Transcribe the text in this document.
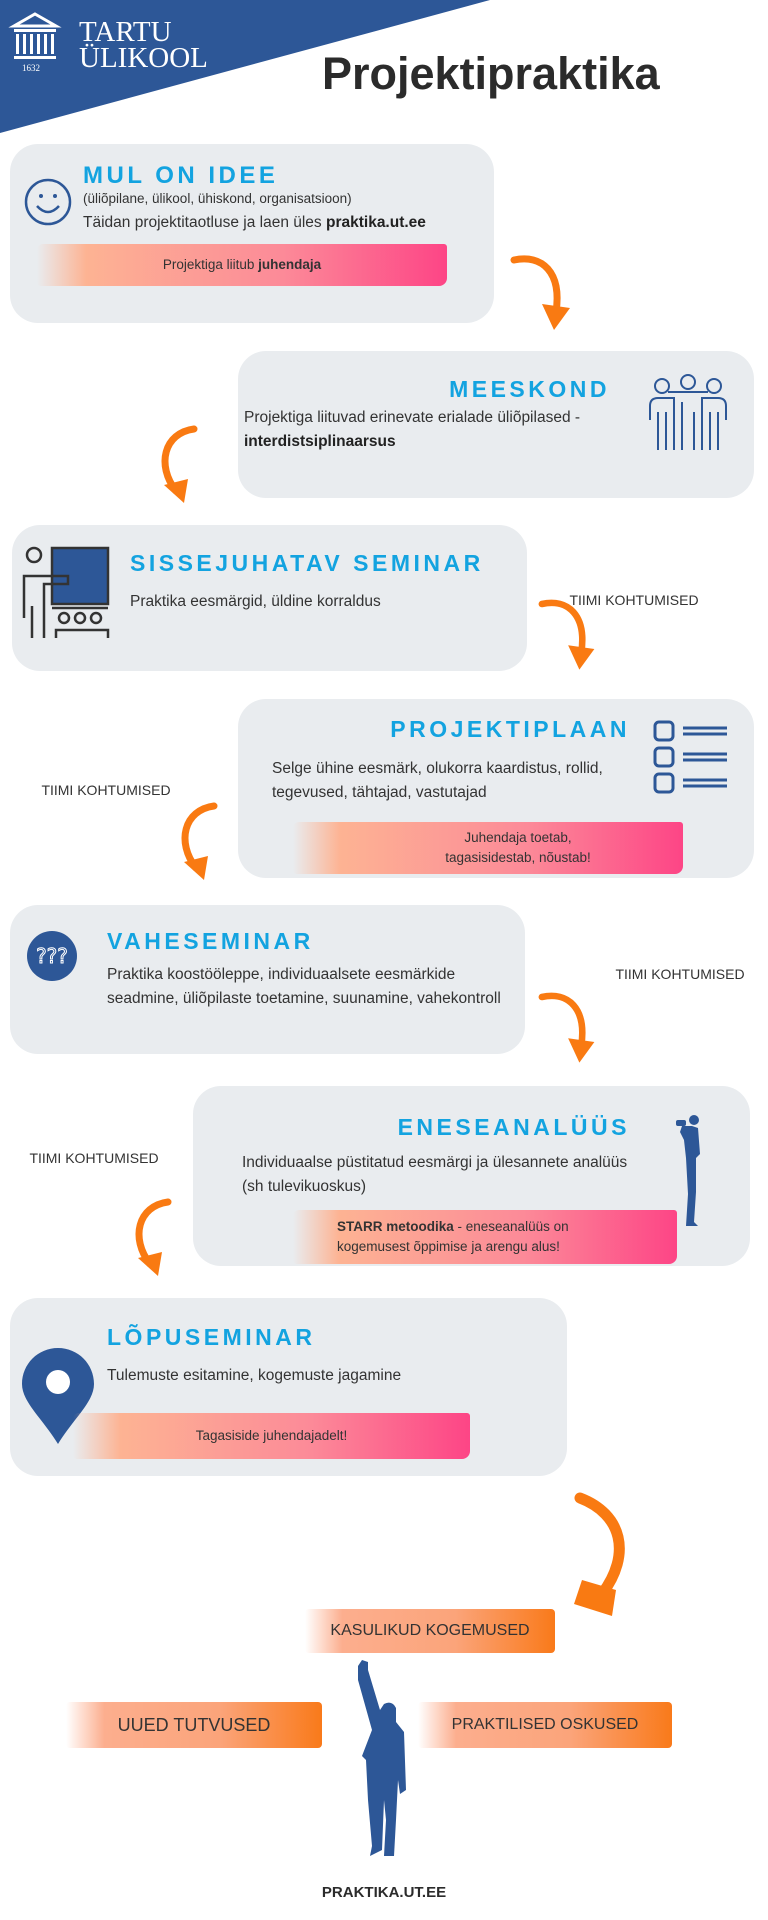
1632
TARTU
ÜLIKOOL	Projektipraktika
MUL ON IDEE
(üliõpilane, ülikool, ühiskond, organisatsioon)
Täidan projektitaotluse ja laen üles praktika.ut.ee
Projektiga liitub juhendaja
MEESKOND
Projektiga liituvad erinevate erialade üliõpilased -
interdistsiplinaarsus
SISSEJUHATAV SEMINAR
Praktika eesmärgid, üldine korraldus
PROJEKTIPLAAN
Selge ühine eesmärk, olukorra kaardistus, rollid, tegevused, tähtajad, vastutajad
Juhendaja toetab, tagasisidestab, nõustab!
???
VAHESEMINAR
Praktika koostööleppe, individuaalsete eesmärkide seadmine, üliõpilaste toetamine, suunamine, vahekontroll
ENESEANALÜÜS
Individuaalse püstitatud eesmärgi ja ülesannete analüüs (sh tulevikuoskus)
STARR metoodika - eneseanalüüs on kogemusest õppimise ja arengu alus!
LÕPUSEMINAR
Tulemuste esitamine, kogemuste jagamine
Tagasiside juhendajadelt!
TIIMI KOHTUMISED
TIIMI KOHTUMISED
TIIMI KOHTUMISED
TIIMI KOHTUMISED
KASULIKUD KOGEMUSED
UUED TUTVUSED	PRAKTILISED OSKUSED
PRAKTIKA.UT.EE
